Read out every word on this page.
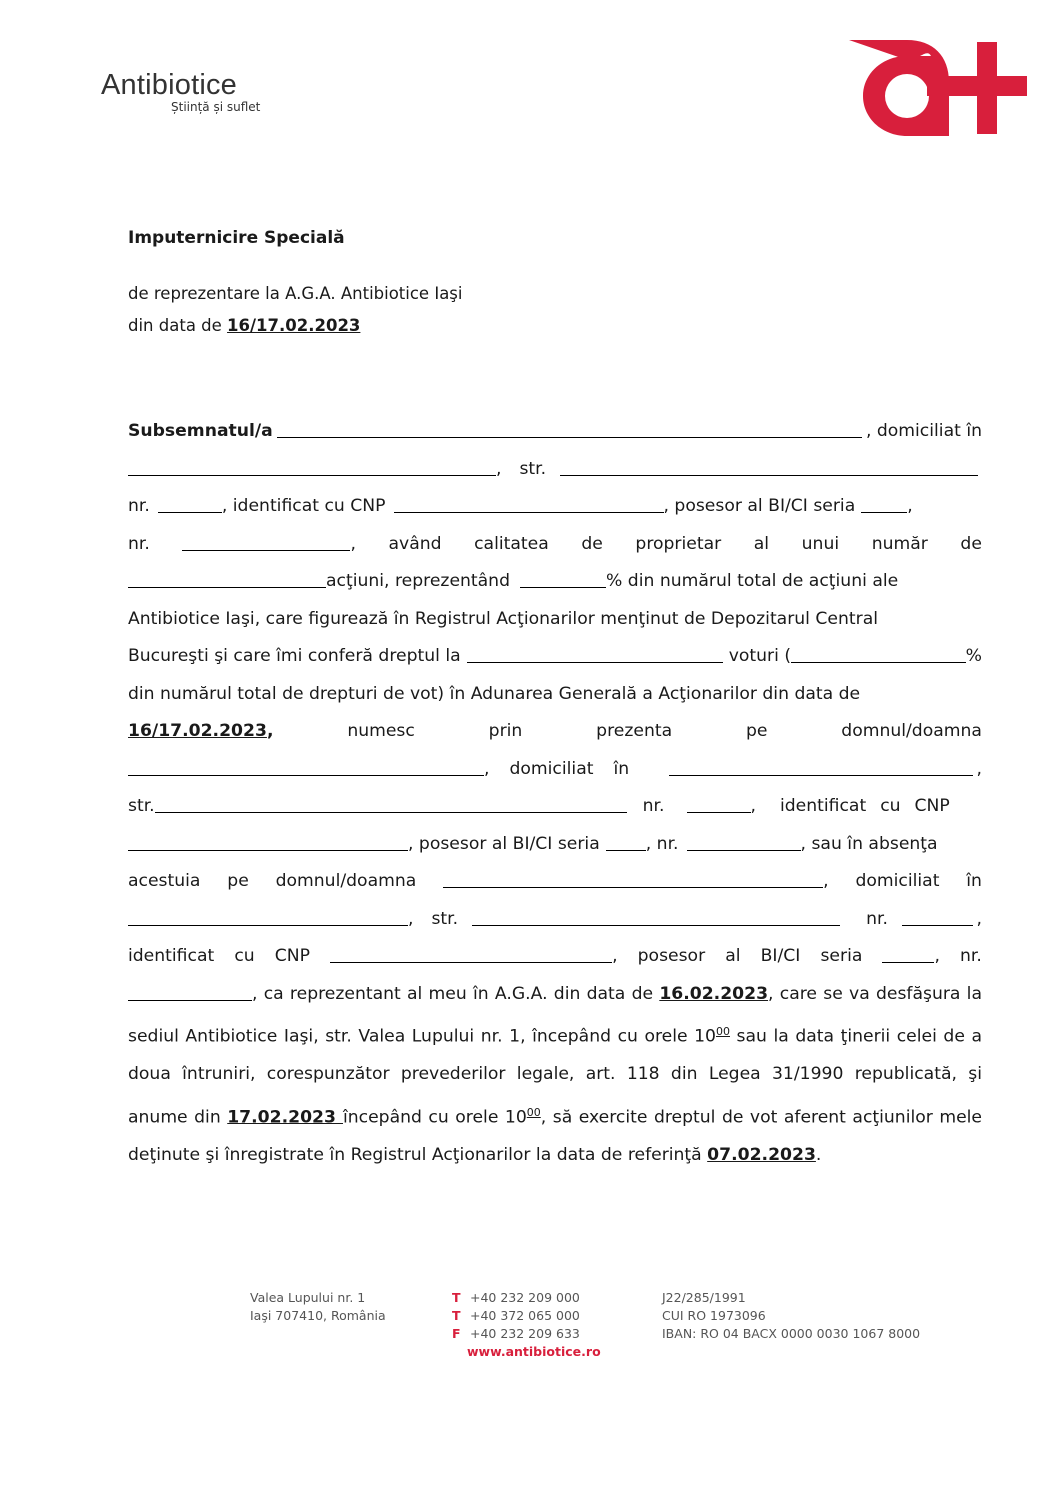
Antibiotice
Știință și suflet
Imputernicire Specială
de reprezentare la A.G.A. Antibiotice Iaşi
din data de 16/17.02.2023
Subsemnatul/a	, domiciliat în
, str.
nr.	, identificat cu CNP	, posesor al BI/CI seria	,
nr.	, având calitatea de proprietar al unui număr de
acţiuni, reprezentând	% din numărul total de acţiuni ale
Antibiotice Iaşi, care figurează în Registrul Acţionarilor menţinut de Depozitarul Central
Bucureşti şi care îmi conferă dreptul la	voturi (	%
din numărul total de drepturi de vot) în Adunarea Generală a Acţionarilor din data de
16/17.02.2023,	numesc	prin	prezenta	pe	domnul/doamna
, domiciliat în	,
str.	nr.	, identificat cu CNP
, posesor al BI/CI seria	, nr.	, sau în absenţa
acestuia pe domnul/doamna	, domiciliat în
, str.	nr.	,
identificat cu CNP	, posesor al BI/CI seria	, nr.
, ca reprezentant al meu în A.G.A. din data de 16.02.2023, care se va desfăşura la sediul Antibiotice Iaşi, str. Valea Lupului nr. 1, începând cu orele $10^{00}$ sau la data ţinerii celei de a doua întruniri, corespunzător prevederilor legale, art. 118 din Legea 31/1990 republicată, şi anume din 17.02.2023 începând cu orele $10^{00}$, să exercite dreptul de vot aferent acţiunilor mele deţinute şi înregistrate în Registrul Acţionarilor la data de referinţă 07.02.2023.
Valea Lupului nr. 1
Iaşi 707410, România
T +40 232 209 000
T +40 372 065 000
F +40 232 209 633
www.antibiotice.ro
J22/285/1991
CUI RO 1973096
IBAN: RO 04 BACX 0000 0030 1067 8000
